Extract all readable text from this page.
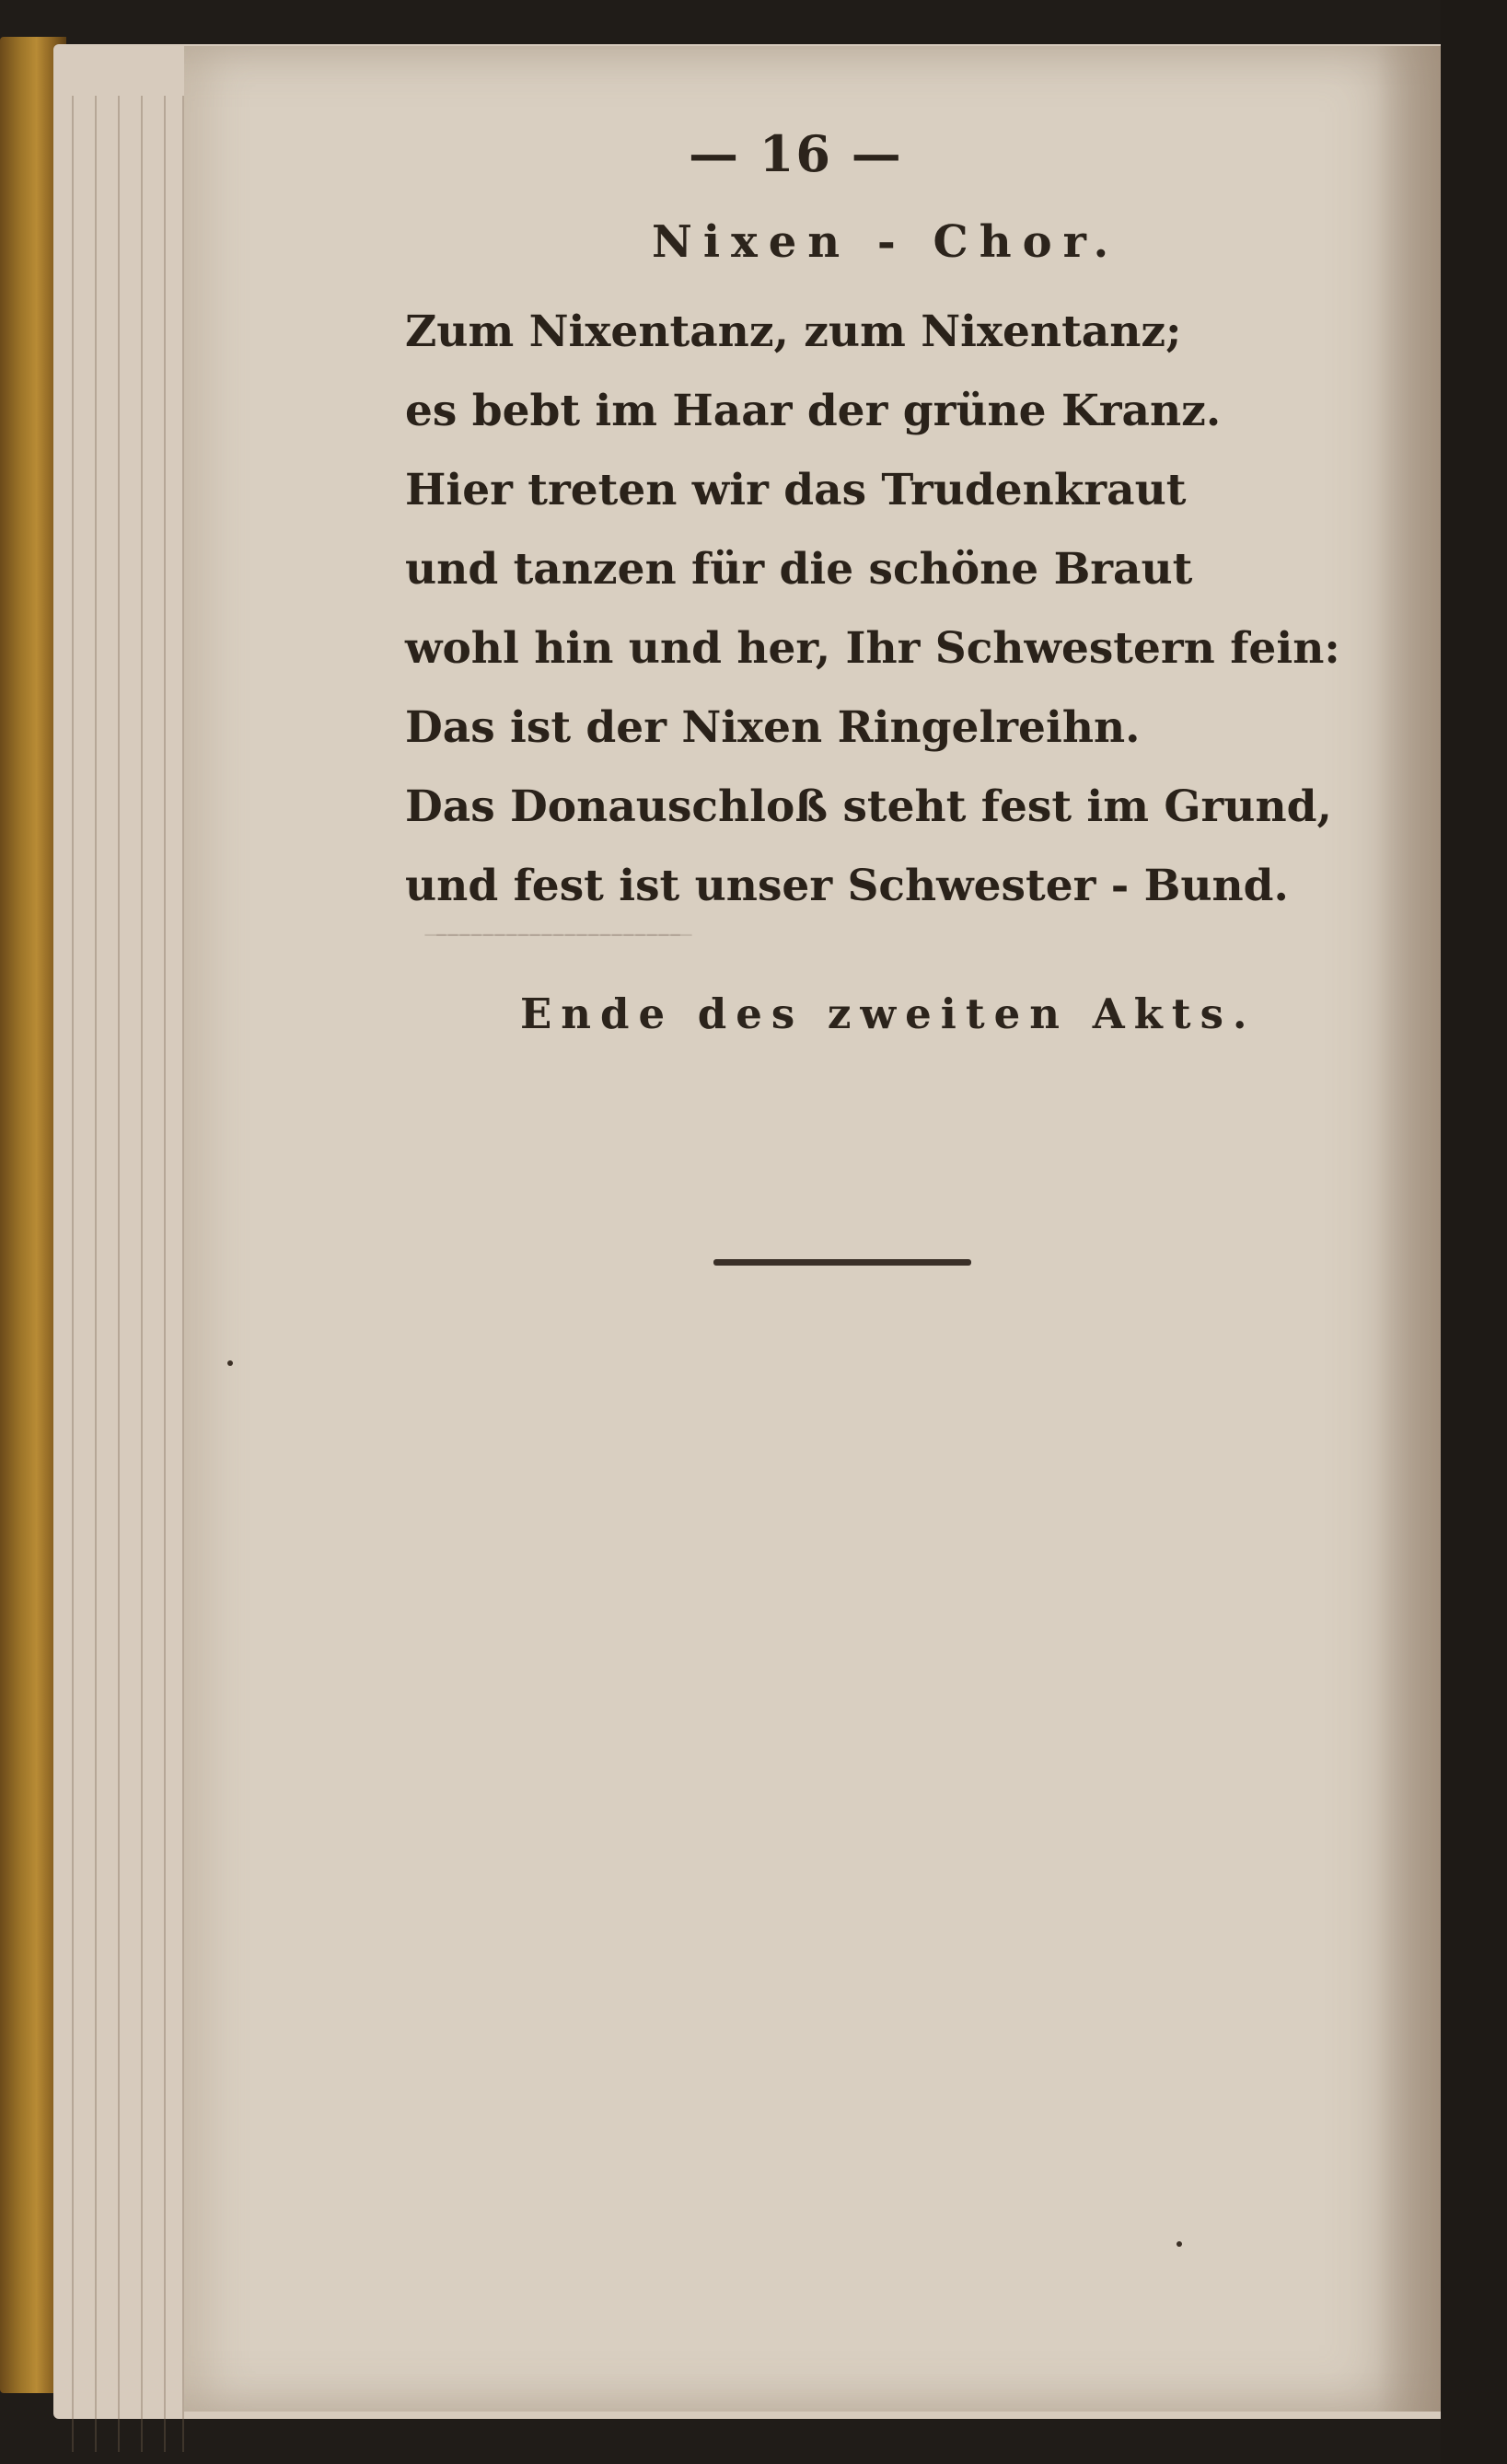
̶ ̶ ̶ ̶ ̶ ̶ ̶ ̶ ̶ ̶ ̶ ̶ ̶ ̶ ̶ ̶ ̶ ̶ ̶ ̶ ̶ ̶
— 16 —
Nixen - Chor.
Zum Nixentanz, zum Nixentanz;
es bebt im Haar der grüne Kranz.
Hier treten wir das Trudenkraut
und tanzen für die schöne Braut
wohl hin und her, Ihr Schwestern fein:
Das ist der Nixen Ringelreihn.
Das Donauschloß steht fest im Grund,
und fest ist unser Schwester - Bund.
Ende des zweiten Akts.
